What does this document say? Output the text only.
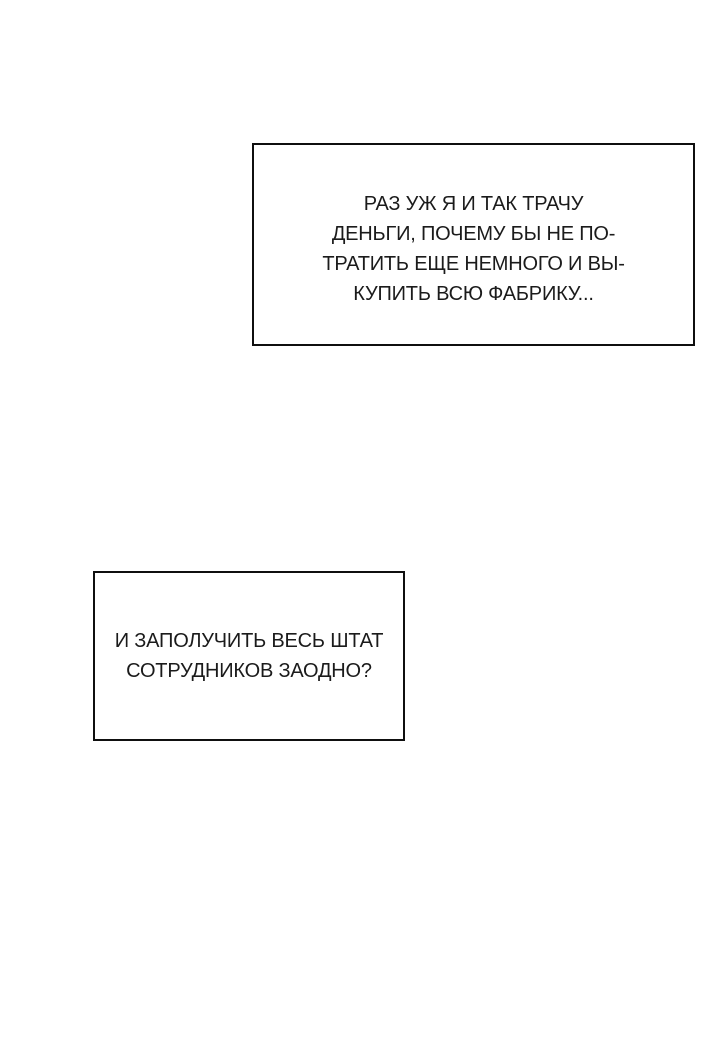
РАЗ УЖ Я И ТАК ТРАЧУ
ДЕНЬГИ, ПОЧЕМУ БЫ НЕ ПО-
ТРАТИТЬ ЕЩЕ НЕМНОГО И ВЫ-
КУПИТЬ ВСЮ ФАБРИКУ...
И ЗАПОЛУЧИТЬ ВЕСЬ ШТАТ
СОТРУДНИКОВ ЗАОДНО?
